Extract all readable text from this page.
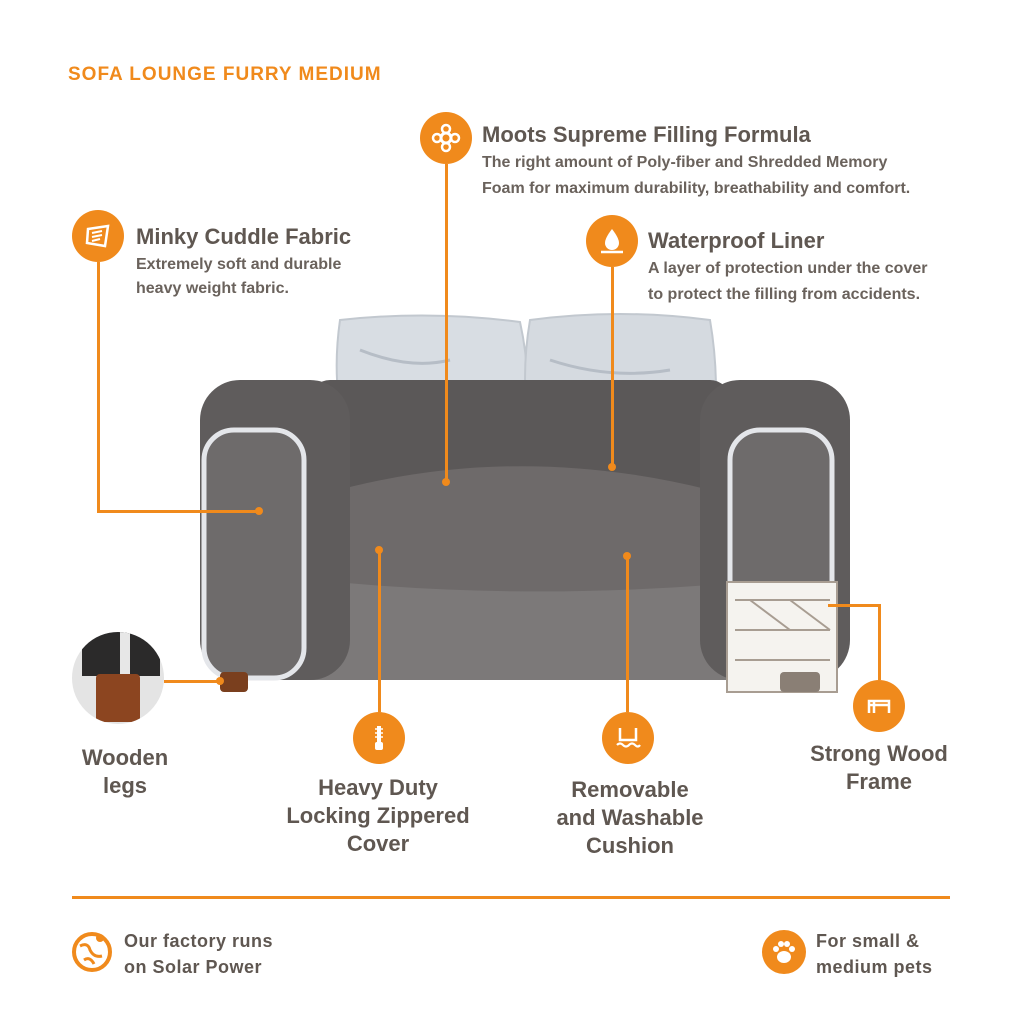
SOFA LOUNGE FURRY MEDIUM
Moots Supreme Filling Formula
The right amount of Poly-fiber and Shredded Memory
Foam for maximum durability, breathability and comfort.
Minky Cuddle Fabric
Extremely soft and durable
heavy weight fabric.
Waterproof Liner
A layer of protection under the cover
to protect the filling from accidents.
Wooden
legs	Heavy Duty
Locking Zippered
Cover
Removable
and Washable
Cushion
Strong Wood
Frame
Our factory runs
on Solar Power
For small &
medium pets
